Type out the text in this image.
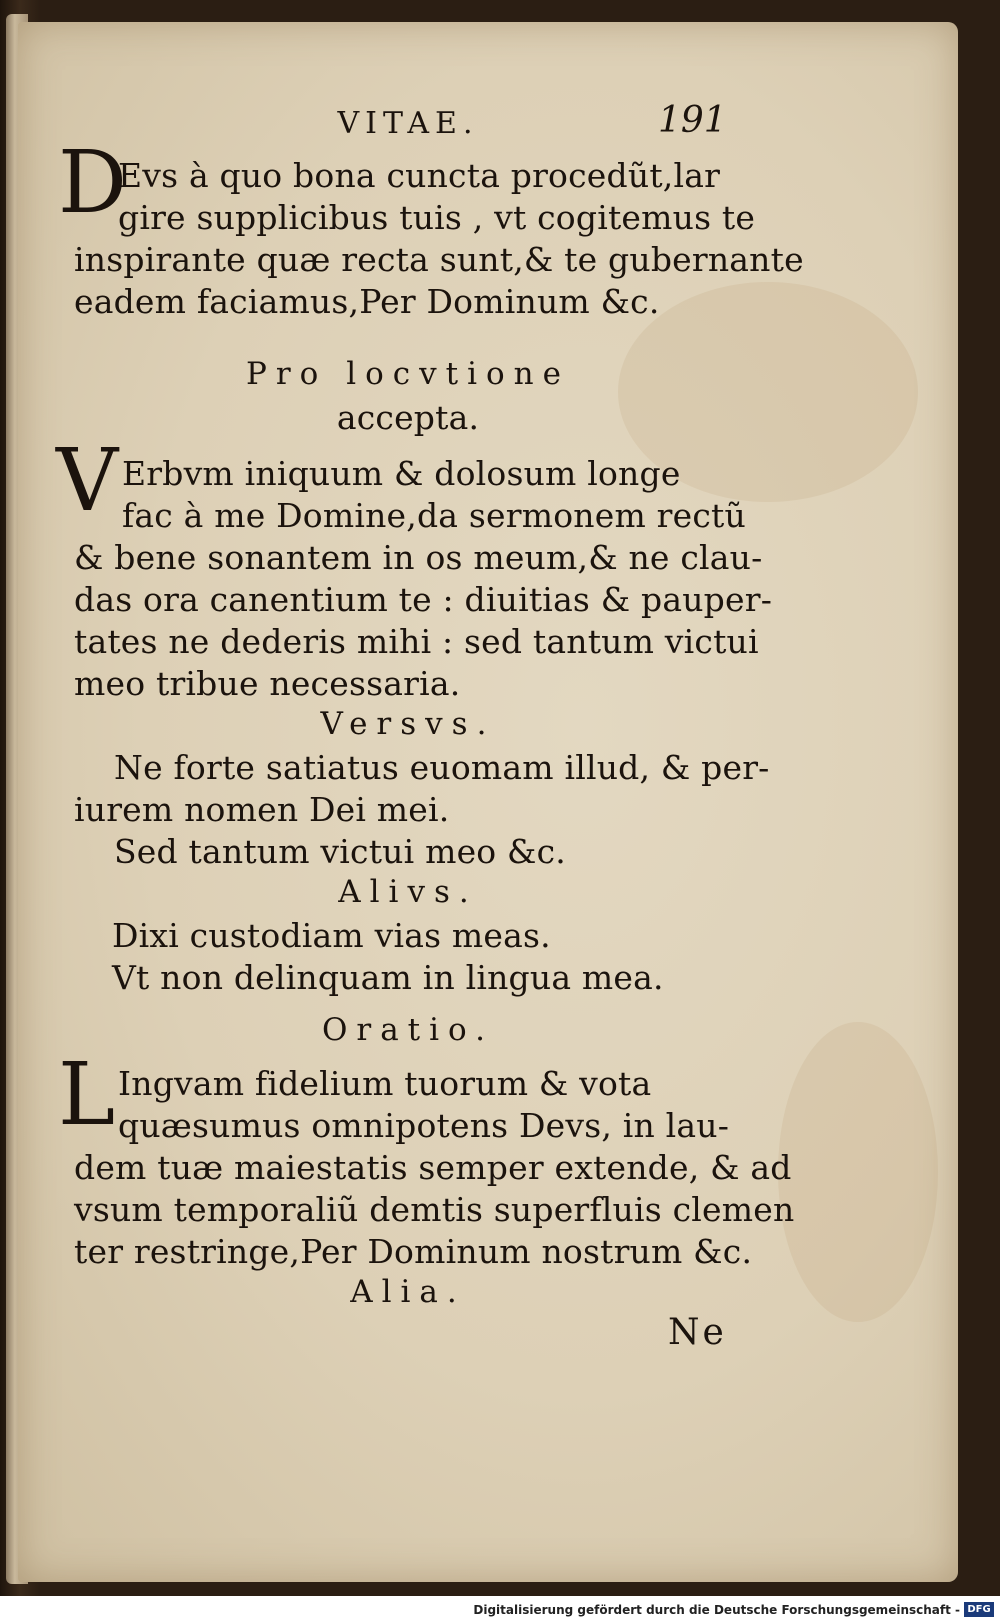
VITAE.	191
D
Evs à quo bona cuncta procedũt,lar
gire supplicibus tuis , vt cogitemus te
inspirante quæ recta sunt,& te gubernante
eadem faciamus,Per Dominum &c.
Pro locvtione
accepta.
V Erbvm iniquum & dolosum longe
fac à me Domine,da sermonem rectũ
& bene sonantem in os meum,& ne clau-
das ora canentium te : diuitias & pauper-
tates ne dederis mihi : sed tantum victui
meo tribue necessaria.
Versvs.
Ne forte satiatus euomam illud, & per-
iurem nomen Dei mei.
Sed tantum victui meo &c.
Alivs.
Dixi custodiam vias meas.
Vt non delinquam in lingua mea.
Oratio.
L Ingvam fidelium tuorum & vota
quæsumus omnipotens Devs, in lau-
dem tuæ maiestatis semper extende, & ad
vsum temporaliũ demtis superfluis clemen
ter restringe,Per Dominum nostrum &c.
Alia.
Ne
Digitalisierung gefördert durch die Deutsche Forschungsgemeinschaft - DFG
